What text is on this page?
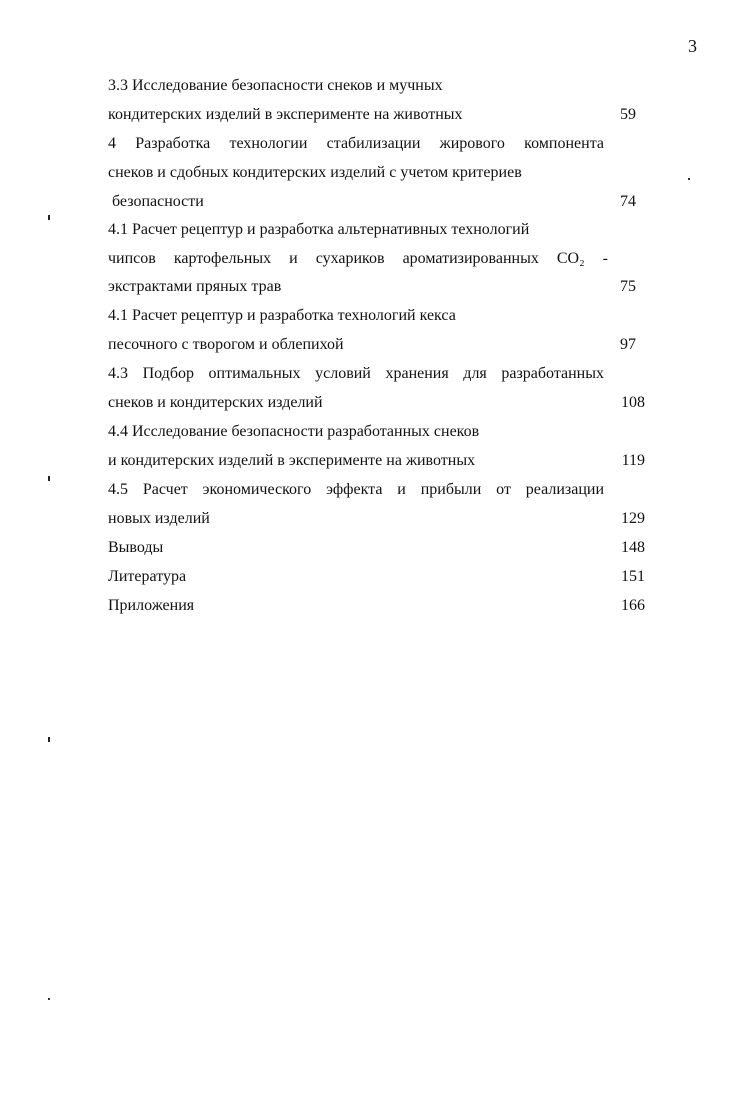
3
3.3 Исследование безопасности снеков и мучных
кондитерских изделий в эксперименте на животных	59
4 Разработка технологии стабилизации жирового компонента
снеков и сдобных кондитерских изделий с учетом критериев
безопасности	74
4.1 Расчет рецептур и разработка альтернативных технологий
чипсов картофельных и сухариков ароматизированных СО₂ -
экстрактами пряных трав	75
4.1 Расчет рецептур и разработка технологий кекса
песочного с творогом и облепихой	97
4.3 Подбор оптимальных условий хранения для разработанных
снеков и кондитерских изделий	108
4.4 Исследование безопасности разработанных снеков
и кондитерских изделий в эксперименте на животных	119
4.5 Расчет экономического эффекта и прибыли от реализации
новых изделий	129
Выводы	148
Литература	151
Приложения	166
